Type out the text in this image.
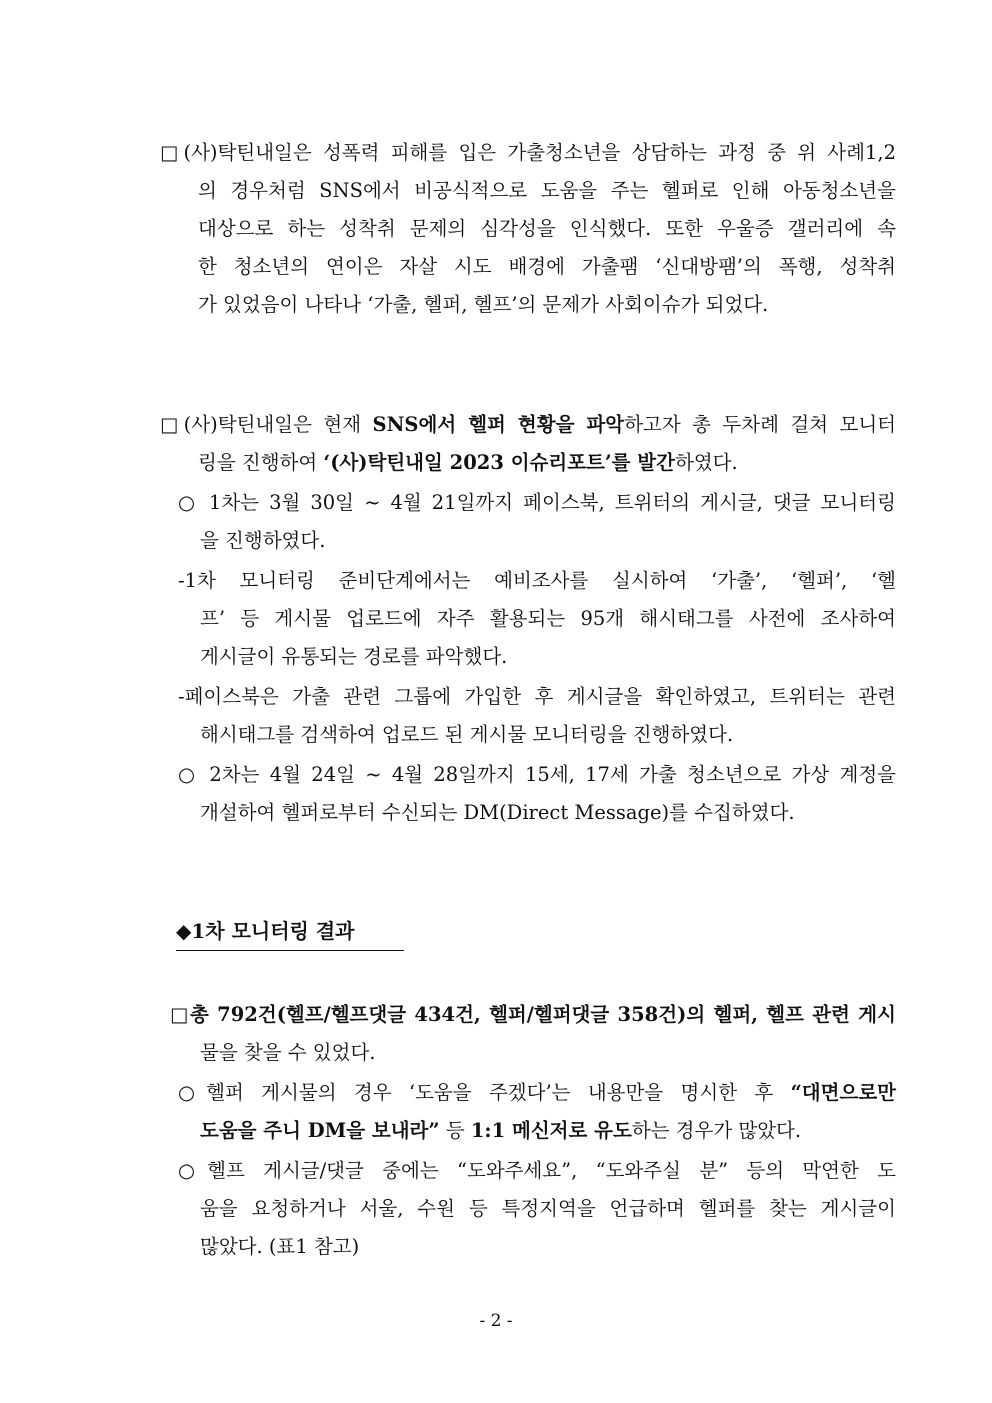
□(사)탁틴내일은 성폭력 피해를 입은 가출청소년을 상담하는 과정 중 위 사례1,2
의 경우처럼 SNS에서 비공식적으로 도움을 주는 헬퍼로 인해 아동청소년을
대상으로 하는 성착취 문제의 심각성을 인식했다. 또한 우울증 갤러리에 속
한 청소년의 연이은 자살 시도 배경에 가출팸 ‘신대방팸’의 폭행, 성착취
가 있었음이 나타나 ‘가출, 헬퍼, 헬프’의 문제가 사회이슈가 되었다.
□(사)탁틴내일은 현재 SNS에서 헬퍼 현황을 파악하고자 총 두차례 걸쳐 모니터
링을 진행하여 ‘(사)탁틴내일 2023 이슈리포트’를 발간하였다.
○ 1차는 3월 30일 ~ 4월 21일까지 페이스북, 트위터의 게시글, 댓글 모니터링
을 진행하였다.
-1차 모니터링 준비단계에서는 예비조사를 실시하여 ‘가출’, ‘헬퍼’, ‘헬
프’ 등 게시물 업로드에 자주 활용되는 95개 해시태그를 사전에 조사하여
게시글이 유통되는 경로를 파악했다.
-페이스북은 가출 관련 그룹에 가입한 후 게시글을 확인하였고, 트위터는 관련
해시태그를 검색하여 업로드 된 게시물 모니터링을 진행하였다.
○ 2차는 4월 24일 ~ 4월 28일까지 15세, 17세 가출 청소년으로 가상 계정을
개설하여 헬퍼로부터 수신되는 DM(Direct Message)를 수집하였다.
◆1차 모니터링 결과
□총 792건(헬프/헬프댓글 434건, 헬퍼/헬퍼댓글 358건)의 헬퍼, 헬프 관련 게시
물을 찾을 수 있었다.
○헬퍼 게시물의 경우 ‘도움을 주겠다’는 내용만을 명시한 후 “대면으로만
도움을 주니 DM을 보내라” 등 1:1 메신저로 유도하는 경우가 많았다.
○헬프 게시글/댓글 중에는 “도와주세요”, “도와주실 분” 등의 막연한 도
움을 요청하거나 서울, 수원 등 특정지역을 언급하며 헬퍼를 찾는 게시글이
많았다. (표1 참고)
- 2 -
